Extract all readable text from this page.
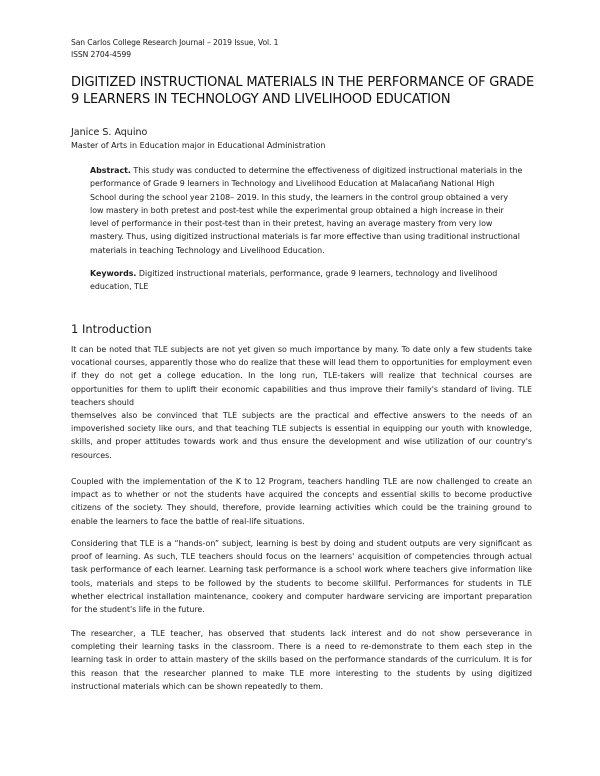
San Carlos College Research Journal – 2019 Issue, Vol. 1
ISSN 2704-4599
DIGITIZED INSTRUCTIONAL MATERIALS IN THE PERFORMANCE OF GRADE 9 LEARNERS IN TECHNOLOGY AND LIVELIHOOD EDUCATION
Janice S. Aquino
Master of Arts in Education major in Educational Administration
Abstract. This study was conducted to determine the effectiveness of digitized instructional materials in the performance of Grade 9 learners in Technology and Livelihood Education at Malacañang National High School during the school year 2108– 2019. In this study, the learners in the control group obtained a very low mastery in both pretest and post-test while the experimental group obtained a high increase in their level of performance in their post-test than in their pretest, having an average mastery from very low mastery. Thus, using digitized instructional materials is far more effective than using traditional instructional materials in teaching Technology and Livelihood Education.
Keywords. Digitized instructional materials, performance, grade 9 learners, technology and livelihood education, TLE
1 Introduction
It can be noted that TLE subjects are not yet given so much importance by many. To date only a few students take vocational courses, apparently those who do realize that these will lead them to opportunities for employment even if they do not get a college education. In the long run, TLE-takers will realize that technical courses are opportunities for them to uplift their economic capabilities and thus improve their family's standard of living. TLE teachers should
themselves also be convinced that TLE subjects are the practical and effective answers to the needs of an impoverished society like ours, and that teaching TLE subjects is essential in equipping our youth with knowledge, skills, and proper attitudes towards work and thus ensure the development and wise utilization of our country's resources.
Coupled with the implementation of the K to 12 Program, teachers handling TLE are now challenged to create an impact as to whether or not the students have acquired the concepts and essential skills to become productive citizens of the society. They should, therefore, provide learning activities which could be the training ground to enable the learners to face the battle of real-life situations.
Considering that TLE is a “hands-on” subject, learning is best by doing and student outputs are very significant as proof of learning. As such, TLE teachers should focus on the learners' acquisition of competencies through actual task performance of each learner. Learning task performance is a school work where teachers give information like tools, materials and steps to be followed by the students to become skillful. Performances for students in TLE whether electrical installation maintenance, cookery and computer hardware servicing are important preparation for the student's life in the future.
The researcher, a TLE teacher, has observed that students lack interest and do not show perseverance in completing their learning tasks in the classroom. There is a need to re-demonstrate to them each step in the learning task in order to attain mastery of the skills based on the performance standards of the curriculum. It is for this reason that the researcher planned to make TLE more interesting to the students by using digitized instructional materials which can be shown repeatedly to them.
